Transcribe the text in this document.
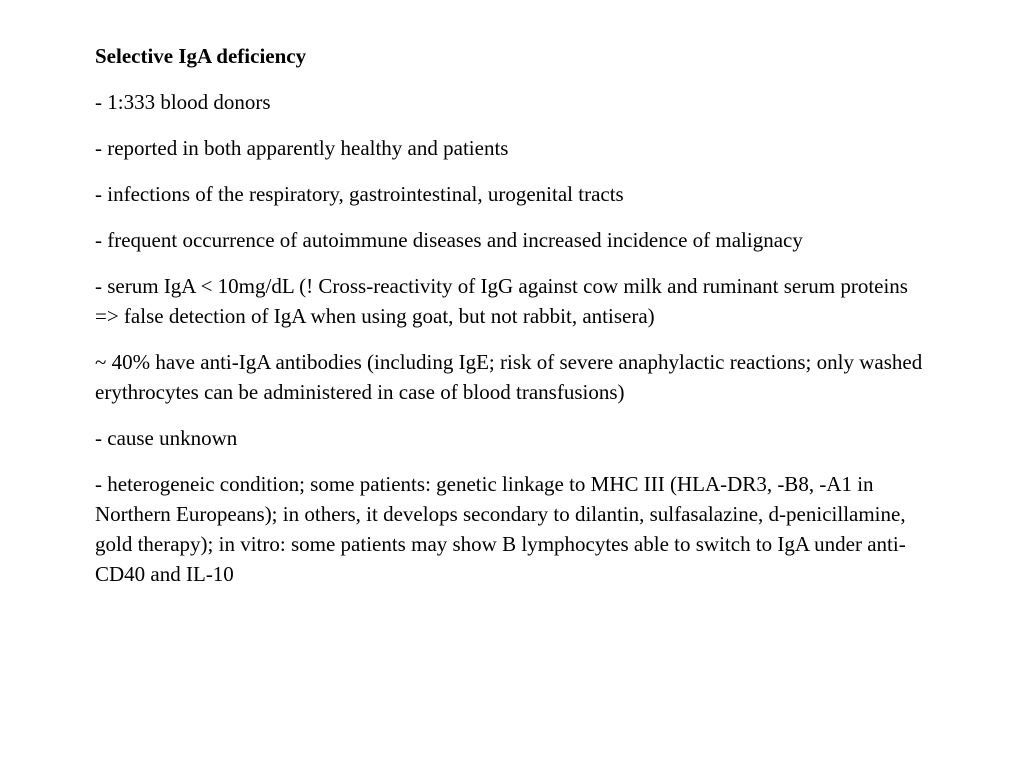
Selective IgA deficiency

- 1:333 blood donors

- reported in both apparently healthy and patients

- infections of the respiratory, gastrointestinal, urogenital tracts

- frequent occurrence of autoimmune diseases and increased incidence of malignacy

- serum IgA < 10mg/dL (! Cross-reactivity of IgG against cow milk and ruminant serum proteins => false detection of IgA when using goat, but not rabbit, antisera)

~ 40% have anti-IgA antibodies (including IgE; risk of severe anaphylactic reactions; only washed erythrocytes can be administered in case of blood transfusions)

- cause unknown

- heterogeneic condition; some patients: genetic linkage to MHC III (HLA-DR3, -B8, -A1 in Northern Europeans); in others, it develops secondary to dilantin, sulfasalazine, d-penicillamine, gold therapy); in vitro: some patients may show B lymphocytes able to switch to IgA under anti-CD40 and IL-10
